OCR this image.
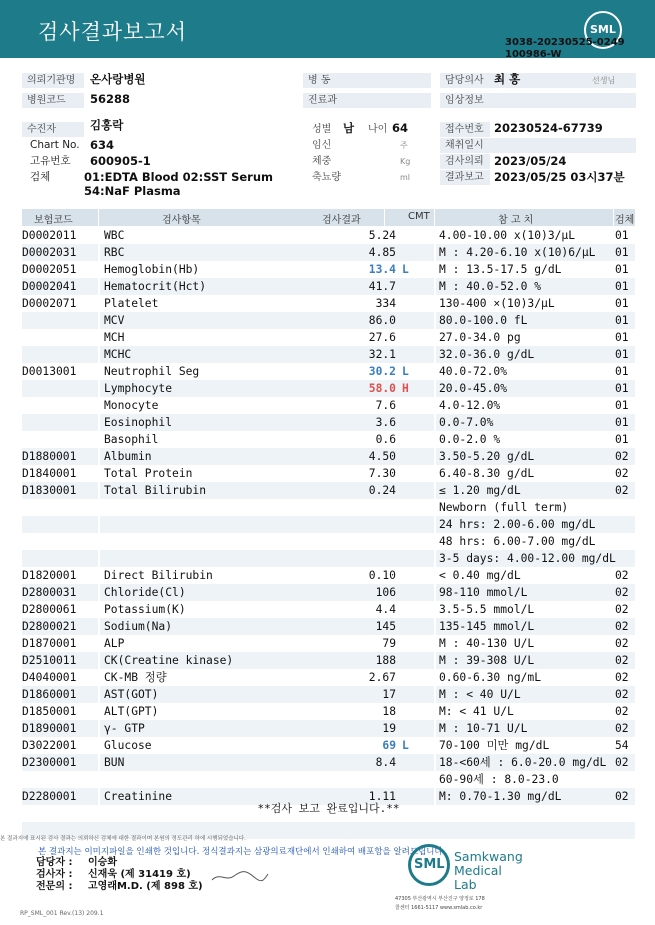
검사결과보고서	SML
3038-20230525-0249
100986-W
의뢰기관명	온사랑병원	병 동	담당의사 최 홍	선생님
병원코드	56288	진료과	임상정보
수진자	김홍락	성별 남 나이 64	접수번호 20230524-67739
Chart No. 634	임신	주	채취일시
고유번호 600905-1	체중	Kg	검사의뢰 2023/05/24
검체	01:EDTA Blood 02:SST Serum
54:NaF Plasma
축뇨량	ml	결과보고 2023/05/25 03시37분
보험코드	검사항목	검사결과	CMT	참 고 치	검체
D0002011 WBC	5.24	4.00-10.00 x(10)3/μL	01
D0002031 RBC	4.85	M : 4.20-6.10 x(10)6/μL 01
D0002051 Hemoglobin(Hb)	13.4 L	M : 13.5-17.5 g/dL	01
D0002041 Hematocrit(Hct)	41.7	M : 40.0-52.0 %	01
D0002071 Platelet	334	130-400 ×(10)3/μL	01
MCV	86.0	80.0-100.0 fL	01
MCH	27.6	27.0-34.0 pg	01
MCHC	32.1	32.0-36.0 g/dL	01
D0013001 Neutrophil Seg	30.2 L	40.0-72.0%	01
Lymphocyte	58.0 H	20.0-45.0%	01
Monocyte	7.6	4.0-12.0%	01
Eosinophil	3.6	0.0-7.0%	01
Basophil	0.6	0.0-2.0 %	01
D1880001 Albumin	4.50	3.50-5.20 g/dL	02
D1840001 Total Protein	7.30	6.40-8.30 g/dL	02
D1830001 Total Bilirubin	0.24	≤ 1.20 mg/dL	02
Newborn (full term)
24 hrs: 2.00-6.00 mg/dL
48 hrs: 6.00-7.00 mg/dL
3-5 days: 4.00-12.00 mg/dL
D1820001 Direct Bilirubin	0.10	< 0.40 mg/dL	02
D2800031 Chloride(Cl)	106	98-110 mmol/L	02
D2800061 Potassium(K)	4.4	3.5-5.5 mmol/L	02
D2800021 Sodium(Na)	145	135-145 mmol/L	02
D1870001 ALP	79	M : 40-130 U/L	02
D2510011 CK(Creatine kinase)	188	M : 39-308 U/L	02
D4040001 CK-MB 정량	2.67	0.60-6.30 ng/mL	02
D1860001 AST(GOT)	17	M : < 40 U/L	02
D1850001 ALT(GPT)	18	M: < 41 U/L	02
D1890001 γ- GTP	19	M : 10-71 U/L	02
D3022001 Glucose	69 L	70-100 미만 mg/dL	54
D2300001 BUN	8.4	18-<60세 : 6.0-20.0 mg/dL 02
60-90세 : 8.0-23.0
D2280001 Creatinine	1.11	M: 0.70-1.30 mg/dL	02
**검사 보고 완료입니다.**
본 결과지에 표시된 검사 결과는 의뢰하신 검체에 대한 결과이며 본원의 정도관리 하에 시행되었습니다.
본 결과지는 이미지파일을 인쇄한 것입니다. 정식결과지는 삼광의료재단에서 인쇄하여 배포함을 알려드립니다.
담당자 : 이승화
검사자 : 신재욱 (제 31419 호)
전문의 : 고영래M.D. (제 898 호)
SML
Samkwang
Medical Lab
47305 부산광역시 부산진구 양정로 178
콜센터 1661-5117 www.smlab.co.kr
RP_SML_001 Rev.(13) 209.1
